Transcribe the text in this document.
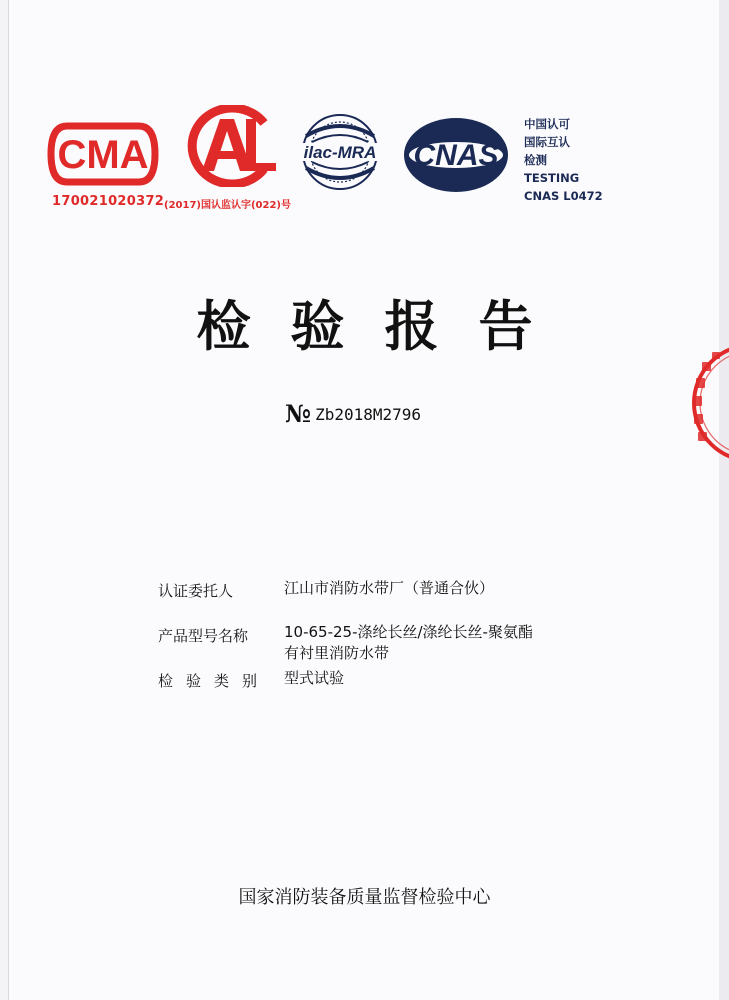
CMA
170021020372 (2017)国认监认字(022)号
ilac-MRA CNAS
中国认可
国际互认
检测
TESTING
CNAS L0472
检验报告
№ Zb2018M2796
认证委托人	江山市消防水带厂（普通合伙）
产品型号名称 10-65-25-涤纶长丝/涤纶长丝-聚氨酯
有衬里消防水带
检验类别 型式试验
国家消防装备质量监督检验中心
